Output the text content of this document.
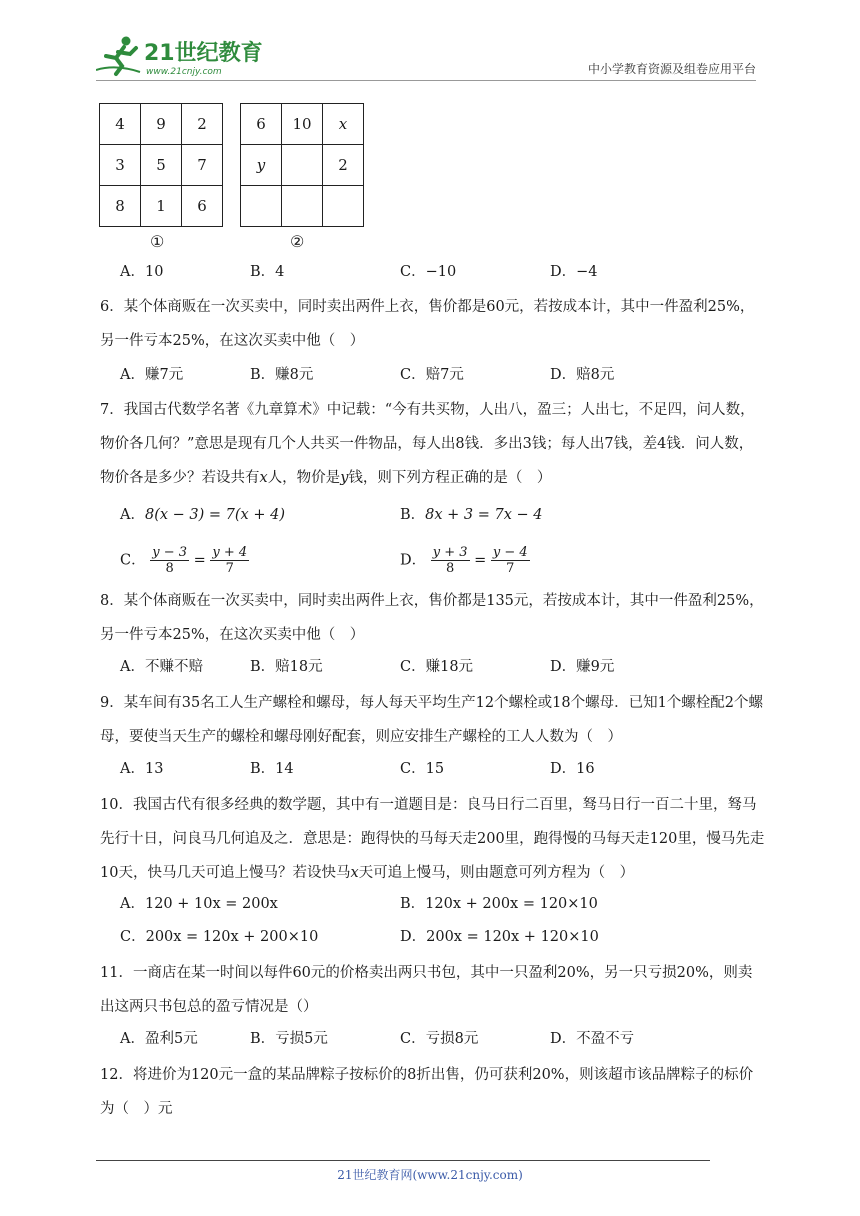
21世纪教育
www.21cnjy.com	中小学教育资源及组卷应用平台
4	9	2
3	5	7
8	1	6
①
6	10	x
y		2

②
A．10	B．4	C．−10	D．−4

6．某个体商贩在一次买卖中，同时卖出两件上衣，售价都是60元，若按成本计，其中一件盈利25%，另一件亏本25%，在这次买卖中他（　）

A．赚7元	B．赚8元	C．赔7元	D．赔8元

7．我国古代数学名著《九章算术》中记载：“今有共买物，人出八，盈三；人出七，不足四，问人数，物价各几何？”意思是现有几个人共买一件物品，每人出8钱．多出3钱；每人出7钱，差4钱．问人数，物价各是多少？若设共有x人，物价是y钱，则下列方程正确的是（　）

A．8(x − 3) = 7(x + 4)	B．8x + 3 = 7x − 4
C． $\frac{y - 3}{8} = \frac{y + 4}{7}$	D． $\frac{y + 3}{8} = \frac{y - 4}{7}$

8．某个体商贩在一次买卖中，同时卖出两件上衣，售价都是135元，若按成本计，其中一件盈利25%，另一件亏本25%，在这次买卖中他（　）

A．不赚不赔	B．赔18元	C．赚18元	D．赚9元

9．某车间有35名工人生产螺栓和螺母，每人每天平均生产12个螺栓或18个螺母．已知1个螺栓配2个螺母，要使当天生产的螺栓和螺母刚好配套，则应安排生产螺栓的工人人数为（　）

A．13	B．14	C．15	D．16

10．我国古代有很多经典的数学题，其中有一道题目是：良马日行二百里，驽马日行一百二十里，驽马先行十日，问良马几何追及之．意思是：跑得快的马每天走200里，跑得慢的马每天走120里，慢马先走10天，快马几天可追上慢马？若设快马x天可追上慢马，则由题意可列方程为（　）

A．120 + 10x = 200x	B．120x + 200x = 120×10
C．200x = 120x + 200×10	D．200x = 120x + 120×10

11．一商店在某一时间以每件60元的价格卖出两只书包，其中一只盈利20%，另一只亏损20%，则卖出这两只书包总的盈亏情况是（）

A．盈利5元	B．亏损5元	C．亏损8元	D．不盈不亏

12．将进价为120元一盒的某品牌粽子按标价的8折出售，仍可获利20%，则该超市该品牌粽子的标价为（　）元

21世纪教育网(www.21cnjy.com)
